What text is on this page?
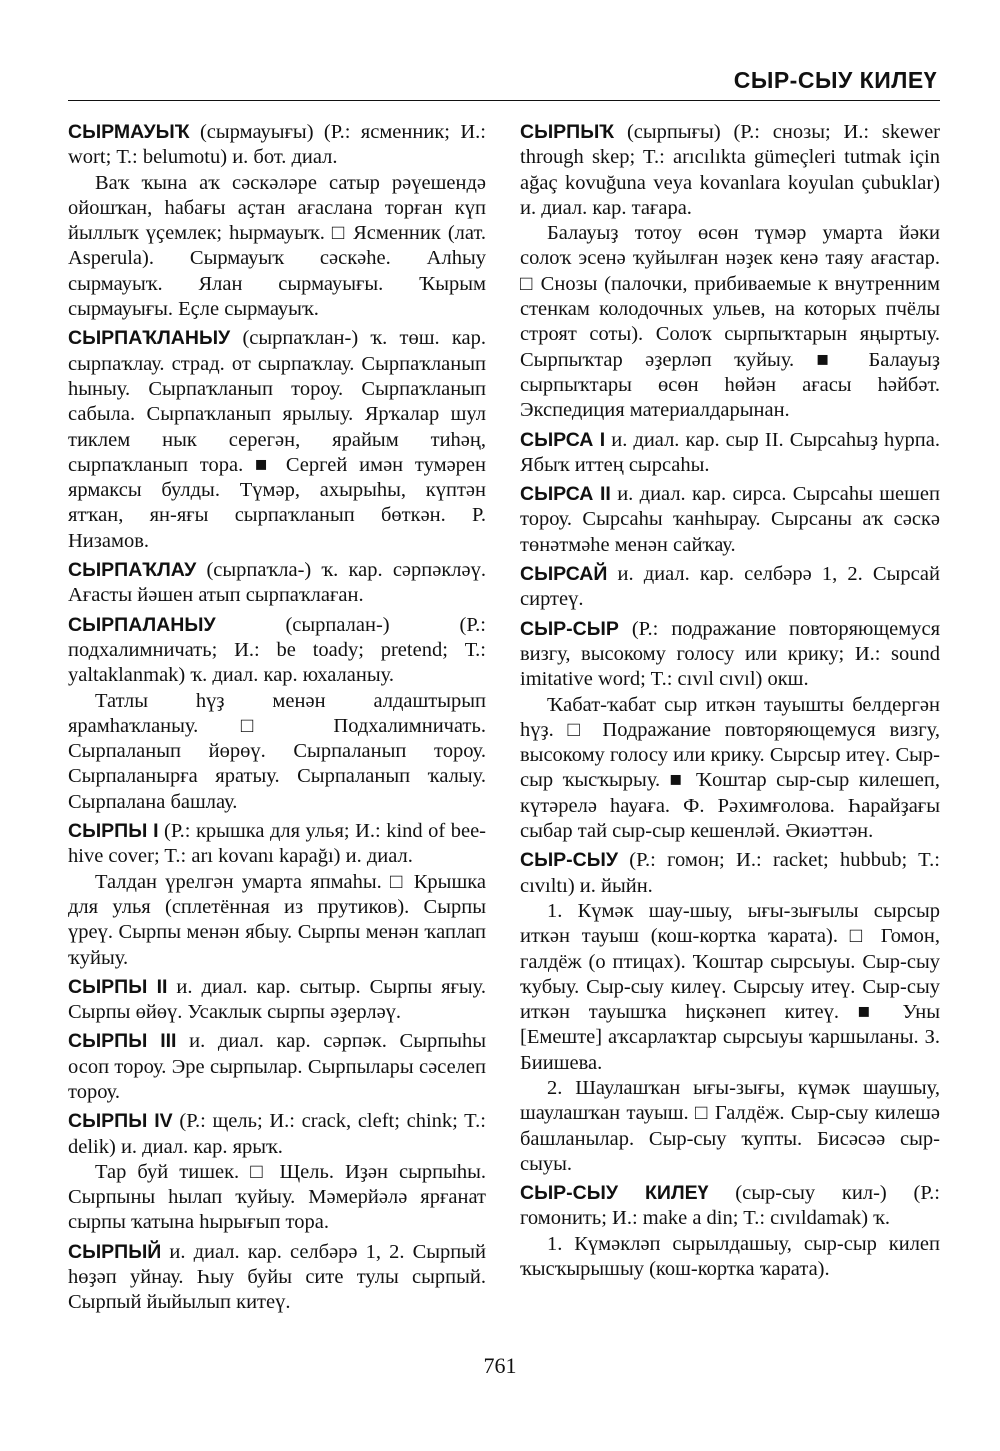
СЫР-СЫУ КИЛЕҮ
СЫРМАУЫҠ (сырмауығы) (Р.: ясменник; И.: wort; Т.: belumotu) и. бот. диал.

Ваҡ ҡына аҡ сәскәләре сатыр рәүешендә ойошҡан, һабағы аҫтан ағаслана торған күп йыллыҡ үҫемлек; һырмауыҡ. □ Ясменник (лат. Asperula). Сырмауыҡ сәскәһе. Алһыу сырмауыҡ. Ялан сырмауығы. Ҡырым сырмауығы. Еҫле сырмауыҡ.

СЫРПАҠЛАНЫУ (сырпаҡлан-) ҡ. төш. кар. сырпаҡлау. страд. от сырпаҡлау. Сырпаҡланып һыныу. Сырпаҡланып тороу. Сырпаҡланып сабыла. Сырпаҡланып ярылыу. Ярҡалар шул тиклем нык серегән, ярайым тиһәң, сырпаҡланып тора. ■ Сергей имән тумәрен ярмаксы булды. Түмәр, ахырыһы, күптән ятҡан, ян-яғы сырпаҡланып бөткән. Р. Низамов.
СЫРПАҠЛАУ (сырпаҡла-) ҡ. кар. сәрпәкләү. Ағасты йәшен атып сырпаҡлаған.
СЫРПАЛАНЫУ (сырпалан-) (Р.: подхалимничать; И.: be toady; pretend; Т.: yaltaklanmak) ҡ. диал. кар. юхаланыу.

Татлы һүҙ менән алдаштырып ярамһаҡланыу. □ Подхалимничать. Сырпаланып йөрөү. Сырпаланып тороу. Сырпаланырға яратыу. Сырпаланып ҡалыу. Сырпалана башлау.

СЫРПЫ I (Р.: крышка для улья; И.: kind of bee-hive cover; T.: arı kovanı kapağı) и. диал.

Талдан үрелгән умарта япмаһы. □ Крышка для улья (сплетённая из прутиков). Сырпы үреү. Сырпы менән ябыу. Сырпы менән ҡаплап ҡуйыу.

СЫРПЫ II и. диал. кар. сытыр. Сырпы яғыу. Сырпы өйөү. Усаклык сырпы әҙерләү.
СЫРПЫ III и. диал. кар. сәрпәк. Сырпыһы осоп тороу. Эре сырпылар. Сырпылары сәселеп тороу.
СЫРПЫ IV (Р.: щель; И.: crack, cleft; chink; T.: delik) и. диал. кар. ярыҡ.

Тар буй тишек. □ Щель. Иҙән сырпыһы. Сырпыны һылап ҡуйыу. Мәмерйәлә ярғанат сырпы ҡатына һырығып тора.

СЫРПЫЙ и. диал. кар. селбәрә 1, 2. Сырпый һөҙәп уйнау. Һыу буйы сите тулы сырпый. Сырпый йыйылып китеү.
СЫРПЫҠ (сырпығы) (Р.: снозы; И.: skewer through skep; T.: arıcılıkta gümeçleri tutmak için ağaç kovuğuna veya kovanlara koyulan çubuklar) и. диал. кар. тағара.

Балауыҙ тотоу өсөн түмәр умарта йәки солоҡ эсенә ҡуйылған нәҙек кенә таяу ағастар. □ Снозы (палочки, прибиваемые к внутренним стенкам колодочных ульев, на которых пчёлы строят соты). Солоҡ сырпыҡтарын яңыртыу. Сырпыҡтар әҙерләп ҡуйыу. ■ Балауыҙ сырпыҡтары өсөн һөйән ағасы һәйбәт. Экспедиция материалдарынан.

СЫРСА I и. диал. кар. сыр II. Сырсаһыҙ һурпа. Ябыҡ иттең сырсаһы.
СЫРСА II и. диал. кар. сирса. Сырсаһы шешеп тороу. Сырсаһы ҡанһырау. Сырсаны аҡ сәскә төнәтмәһе менән сайҡау.
СЫРСАЙ и. диал. кар. селбәрә 1, 2. Сырсай сиртеү.
СЫР-СЫР (Р.: подражание повторяющемуся визгу, высокому голосу или крику; И.: sound imitative word; T.: cıvıl cıvıl) окш.

Ҡабат-ҡабат сыр иткән тауышты белдергән һүҙ. □ Подражание повторяющемуся визгу, высокому голосу или крику. Сырсыр итеү. Сыр-сыр ҡысҡырыу. ■ Ҡоштар сыр-сыр килешеп, күтәрелә һауаға. Ф. Рәхимғолова. Һарайҙағы сыбар тай сыр-сыр кешенләй. Әкиәттән.

СЫР-СЫУ (Р.: гомон; И.: racket; hubbub; T.: cıvıltı) и. йыйн.

1. Күмәк шау-шыу, ығы-зығылы сырсыр иткән тауыш (кош-кортка ҡарата). □ Гомон, галдёж (о птицах). Ҡоштар сырсыуы. Сыр-сыу ҡубыу. Сыр-сыу килеү. Сырсыу итеү. Сыр-сыу иткән тауышҡа һиҫкәнеп китеү. ■ Уны [Емеште] аҡсарлаҡтар сырсыуы ҡаршыланы. З. Биишева.

2. Шаулашҡан ығы-зығы, күмәк шаушыу, шаулашҡан тауыш. □ Галдёж. Сыр-сыу килешә башланылар. Сыр-сыу ҡупты. Бисәсәә сыр-сыуы.

СЫР-СЫУ КИЛЕҮ (сыр-сыу кил-) (Р.: гомонить; И.: make a din; T.: cıvıldamak) ҡ.

1. Күмәкләп сырылдашыу, сыр-сыр килеп ҡысҡырышыу (кош-кортка ҡарата).

761
